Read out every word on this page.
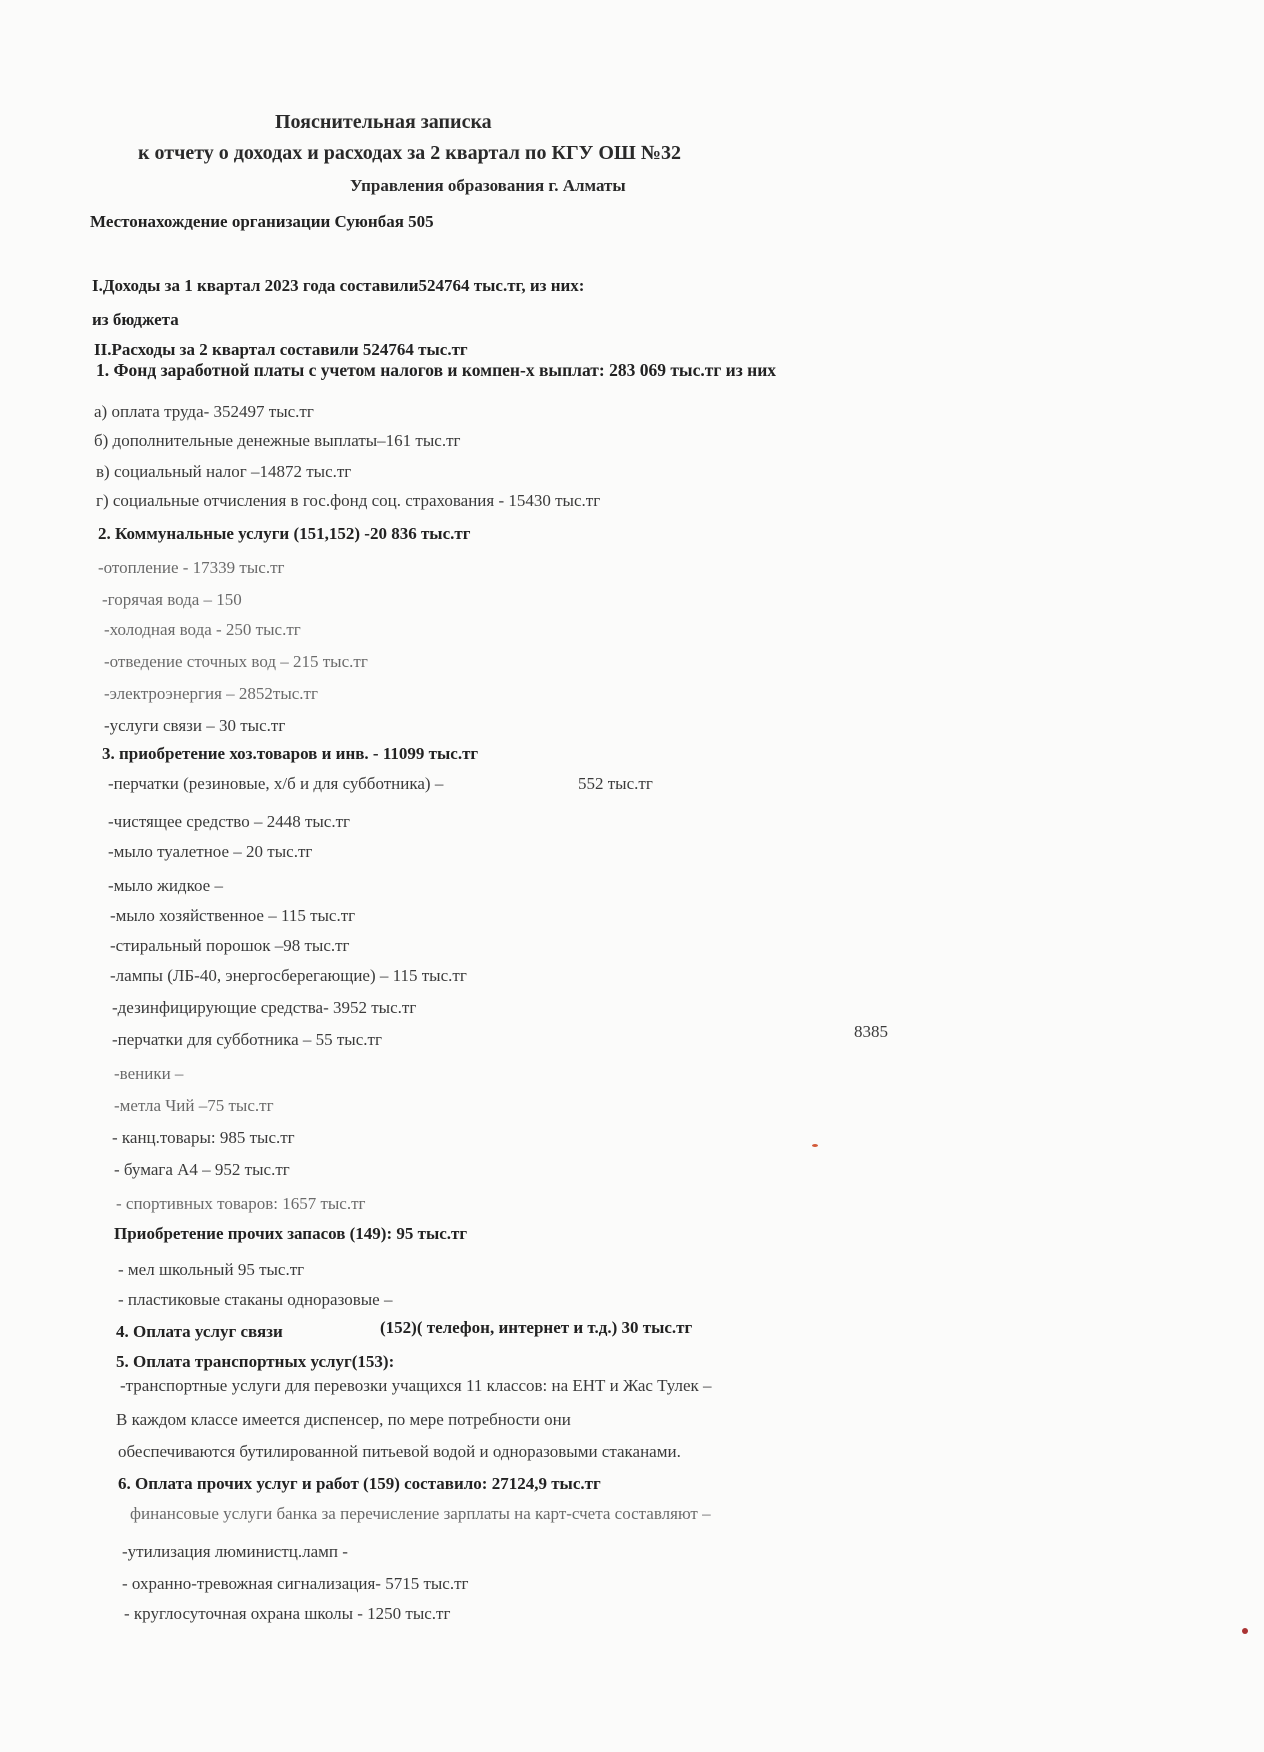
Пояснительная записка
к отчету о доходах и расходах за 2 квартал по КГУ ОШ №32
Управления образования г. Алматы
Местонахождение организации Суюнбая 505
I.Доходы за 1 квартал 2023 года составили524764 тыс.тг, из них:
из бюджета
II.Расходы за 2 квартал составили 524764 тыс.тг
1. Фонд заработной платы с учетом налогов и компен-х выплат: 283 069 тыс.тг из них
а) оплата труда- 352497 тыс.тг
б) дополнительные денежные выплаты–161 тыс.тг
в) социальный налог –14872 тыс.тг
г) социальные отчисления в гос.фонд соц. страхования - 15430 тыс.тг
2. Коммунальные услуги (151,152) -20 836 тыс.тг
-отопление - 17339 тыс.тг
-горячая вода – 150
-холодная вода - 250 тыс.тг
-отведение сточных вод – 215 тыс.тг
-электроэнергия – 2852тыс.тг
-услуги связи – 30 тыс.тг
3. приобретение хоз.товаров и инв. - 11099 тыс.тг
-перчатки (резиновые, х/б и для субботника) –	552 тыс.тг
-чистящее средство – 2448 тыс.тг
-мыло туалетное – 20 тыс.тг
-мыло жидкое –
-мыло хозяйственное – 115 тыс.тг
-стиральный порошок –98 тыс.тг
-лампы (ЛБ-40, энергосберегающие) – 115 тыс.тг
-дезинфицирующие средства- 3952 тыс.тг
-перчатки для субботника – 55 тыс.тг	8385
-веники –
-метла Чий –75 тыс.тг
- канц.товары: 985 тыс.тг
- бумага А4 – 952 тыс.тг
- спортивных товаров: 1657 тыс.тг
Приобретение прочих запасов (149): 95 тыс.тг
- мел школьный 95 тыс.тг
- пластиковые стаканы одноразовые –
4. Оплата услуг связи	(152)( телефон, интернет и т.д.) 30 тыс.тг
5. Оплата транспортных услуг(153):
-транспортные услуги для перевозки учащихся 11 классов: на ЕНТ и Жас Тулек –
В каждом классе имеется диспенсер, по мере потребности они
обеспечиваются бутилированной питьевой водой и одноразовыми стаканами.
6. Оплата прочих услуг и работ (159) составило: 27124,9 тыс.тг
финансовые услуги банка за перечисление зарплаты на карт-счета составляют –
-утилизация люминистц.ламп -
- охранно-тревожная сигнализация- 5715 тыс.тг
- круглосуточная охрана школы - 1250 тыс.тг
